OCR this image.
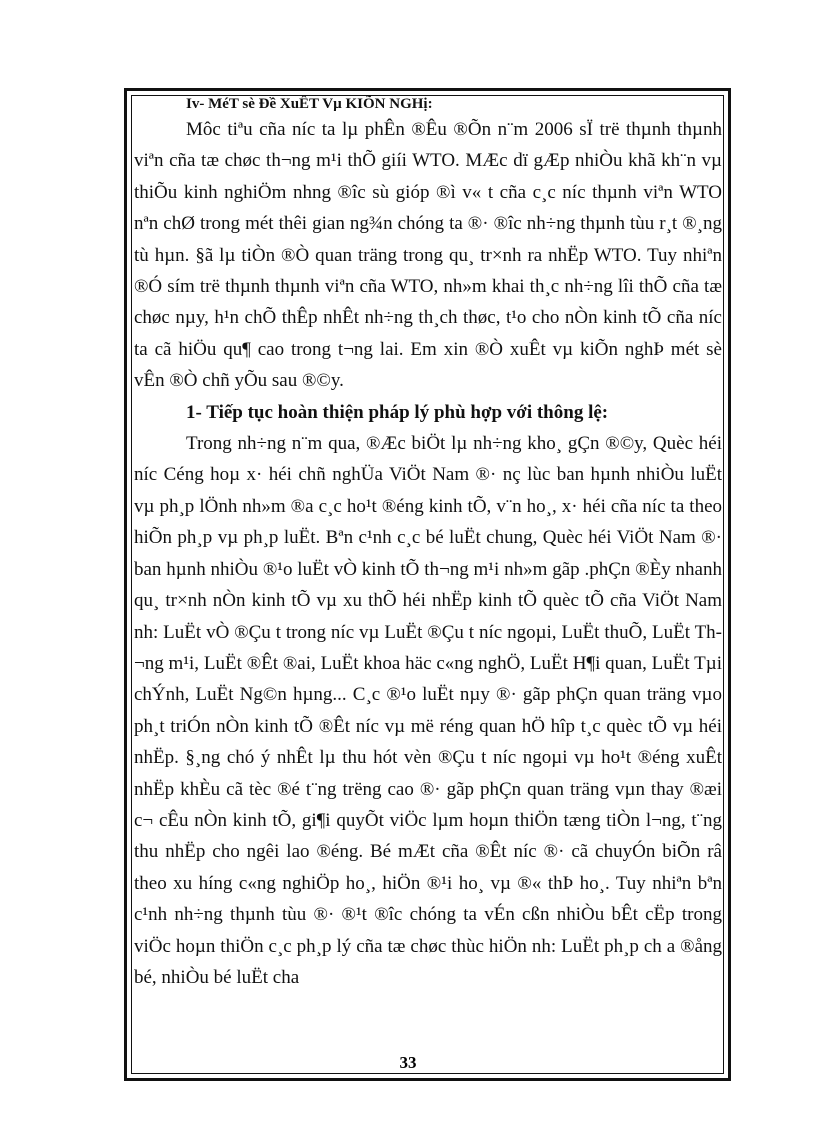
Iv- MéT sè Đề XuÊT Vµ KIÕN NGHị:

Môc tiªu cña níc ta lµ phÊn ®Êu ®Õn n¨m 2006 sÏ trë thµnh thµnh viªn cña tæ chøc th¬ng m¹i thÕ giíi WTO. MÆc dï gÆp nhiÒu khã kh¨n vµ thiÕu kinh nghiÖm nhng ®îc sù gióp ®ì v« t cña c¸c níc thµnh viªn WTO nªn chØ trong mét thêi gian ng¾n chóng ta ®· ®îc nh÷ng thµnh tùu r¸t ®¸ng tù hµn. §ã lµ tiÒn ®Ò quan träng trong qu¸ tr×nh ra nhËp WTO. Tuy nhiªn ®Ó sím trë thµnh thµnh viªn cña WTO, nh»m khai th¸c nh÷ng lîi thÕ cña tæ chøc nµy, h¹n chÕ thÊp nhÊt nh÷ng th¸ch thøc, t¹o cho nÒn kinh tÕ cña níc ta cã hiÖu qu¶ cao trong t¬ng lai. Em xin ®Ò xuÊt vµ kiÕn nghÞ mét sè vÊn ®Ò chñ yÕu sau ®©y.

1- Tiếp tục hoàn thiện pháp lý phù hợp với thông lệ:

Trong nh÷ng n¨m qua, ®Æc biÖt lµ nh÷ng kho¸ gÇn ®©y, Quèc héi níc Céng hoµ x· héi chñ nghÜa ViÖt Nam ®· nç lùc ban hµnh nhiÒu luËt vµ ph¸p lÖnh nh»m ®a c¸c ho¹t ®éng kinh tÕ, v¨n ho¸, x· héi cña níc ta theo hiÕn ph¸p vµ ph¸p luËt. Bªn c¹nh c¸c bé luËt chung, Quèc héi ViÖt Nam ®· ban hµnh nhiÒu ®¹o luËt vÒ kinh tÕ th¬ng m¹i nh»m gãp .phÇn ®Èy nhanh qu¸ tr×nh nÒn kinh tÕ vµ xu thÕ héi nhËp kinh tÕ quèc tÕ cña ViÖt Nam nh: LuËt vÒ ®Çu t trong níc vµ LuËt ®Çu t níc ngoµi, LuËt thuÕ, LuËt Th¬ng m¹i, LuËt ®Êt ®ai, LuËt khoa häc c«ng nghÖ, LuËt H¶i quan, LuËt Tµi chÝnh, LuËt Ng©n hµng... C¸c ®¹o luËt nµy ®· gãp phÇn quan träng vµo ph¸t triÓn nÒn kinh tÕ ®Êt níc vµ më réng quan hÖ hîp t¸c quèc tÕ vµ héi nhËp. §¸ng chó ý nhÊt lµ thu hót vèn ®Çu t níc ngoµi vµ ho¹t ®éng xuÊt nhËp khÈu cã tèc ®é t¨ng trëng cao ®· gãp phÇn quan träng vµn thay ®æi c¬ cÊu nÒn kinh tÕ, gi¶i quyÕt viÖc lµm hoµn thiÖn tæng tiÒn l¬ng, t¨ng thu nhËp cho ngêi lao ®éng. Bé mÆt cña ®Êt níc ®· cã chuyÓn biÕn râ theo xu híng c«ng nghiÖp ho¸, hiÖn ®¹i ho¸ vµ ®« thÞ ho¸. Tuy nhiªn bªn c¹nh nh÷ng thµnh tùu ®· ®¹t ®îc chóng ta vÉn cßn nhiÒu bÊt cËp trong viÖc hoµn thiÖn c¸c ph¸p lý cña tæ chøc thùc hiÖn nh: LuËt ph¸p ch a ®ång bé, nhiÒu bé luËt cha

33
